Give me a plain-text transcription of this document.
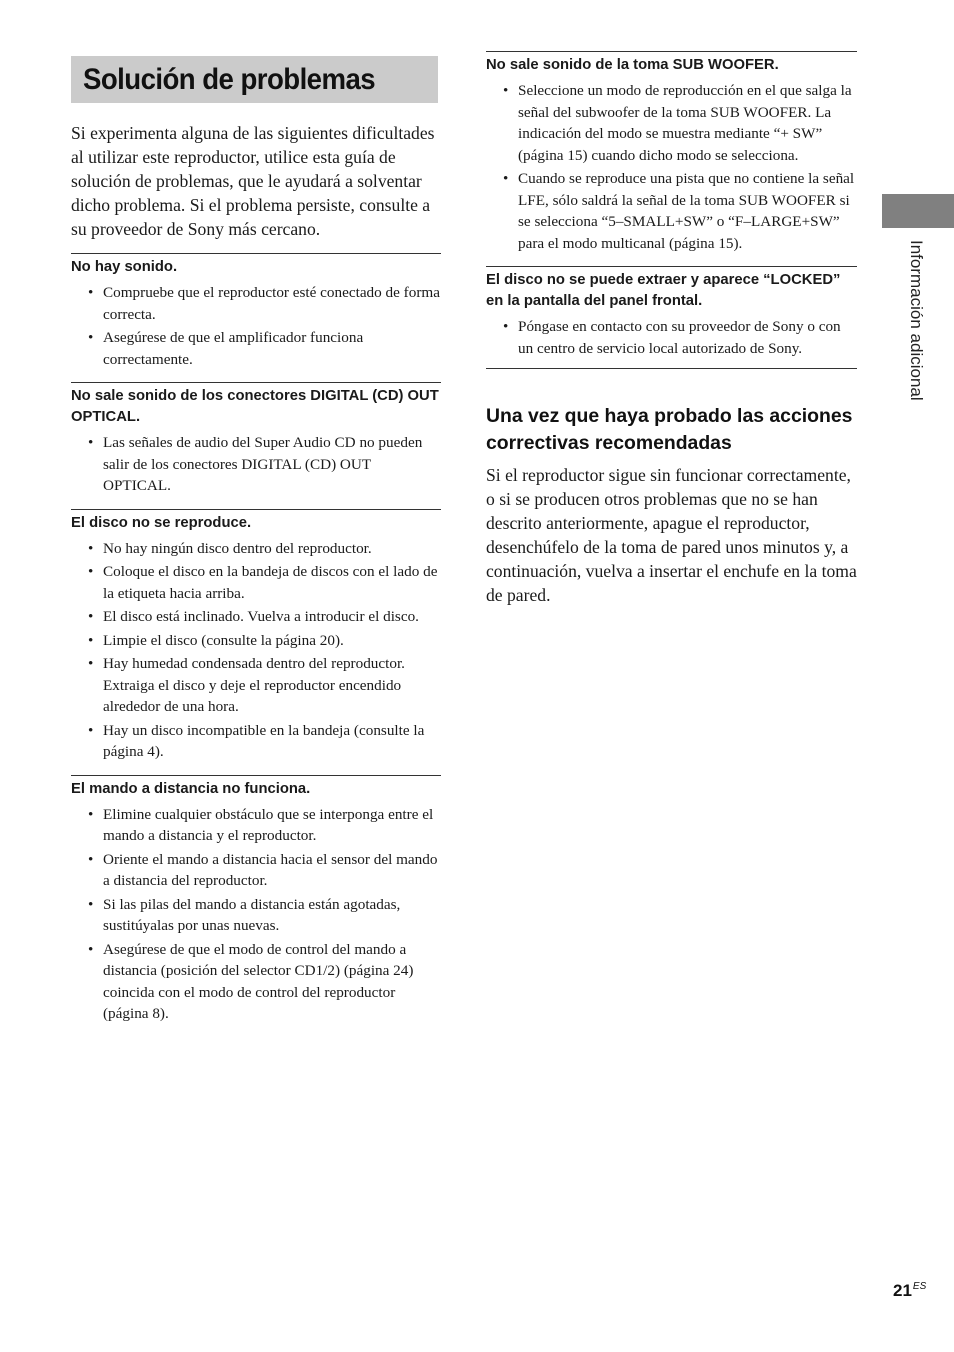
Solución de problemas

Si experimenta alguna de las siguientes dificultades al utilizar este reproductor, utilice esta guía de solución de problemas, que le ayudará a solventar dicho problema. Si el problema persiste, consulte a su proveedor de Sony más cercano.

No hay sonido.
• Compruebe que el reproductor esté conectado de forma correcta.
• Asegúrese de que el amplificador funciona correctamente.
No sale sonido de los conectores DIGITAL (CD) OUT OPTICAL.
• Las señales de audio del Super Audio CD no pueden salir de los conectores DIGITAL (CD) OUT OPTICAL.
El disco no se reproduce.
• No hay ningún disco dentro del reproductor.
• Coloque el disco en la bandeja de discos con el lado de la etiqueta hacia arriba.
• El disco está inclinado. Vuelva a introducir el disco.
• Limpie el disco (consulte la página 20).
• Hay humedad condensada dentro del reproductor. Extraiga el disco y deje el reproductor encendido alrededor de una hora.
• Hay un disco incompatible en la bandeja (consulte la página 4).
El mando a distancia no funciona.
• Elimine cualquier obstáculo que se interponga entre el mando a distancia y el reproductor.
• Oriente el mando a distancia hacia el sensor del mando a distancia del reproductor.
• Si las pilas del mando a distancia están agotadas, sustitúyalas por unas nuevas.
• Asegúrese de que el modo de control del mando a distancia (posición del selector CD1/2) (página 24) coincida con el modo de control del reproductor (página 8).
No sale sonido de la toma SUB WOOFER.
• Seleccione un modo de reproducción en el que salga la señal del subwoofer de la toma SUB WOOFER. La indicación del modo se muestra mediante “+ SW” (página 15) cuando dicho modo se selecciona.
• Cuando se reproduce una pista que no contiene la señal LFE, sólo saldrá la señal de la toma SUB WOOFER si se selecciona “5–SMALL+SW” o “F–LARGE+SW” para el modo multicanal (página 15).
El disco no se puede extraer y aparece “LOCKED” en la pantalla del panel frontal.
• Póngase en contacto con su proveedor de Sony o con un centro de servicio local autorizado de Sony.
Una vez que haya probado las acciones correctivas recomendadas

Si el reproductor sigue sin funcionar correctamente, o si se producen otros problemas que no se han descrito anteriormente, apague el reproductor, desenchúfelo de la toma de pared unos minutos y, a continuación, vuelva a insertar el enchufe en la toma de pared.

Información adicional
$21^{ES}$
